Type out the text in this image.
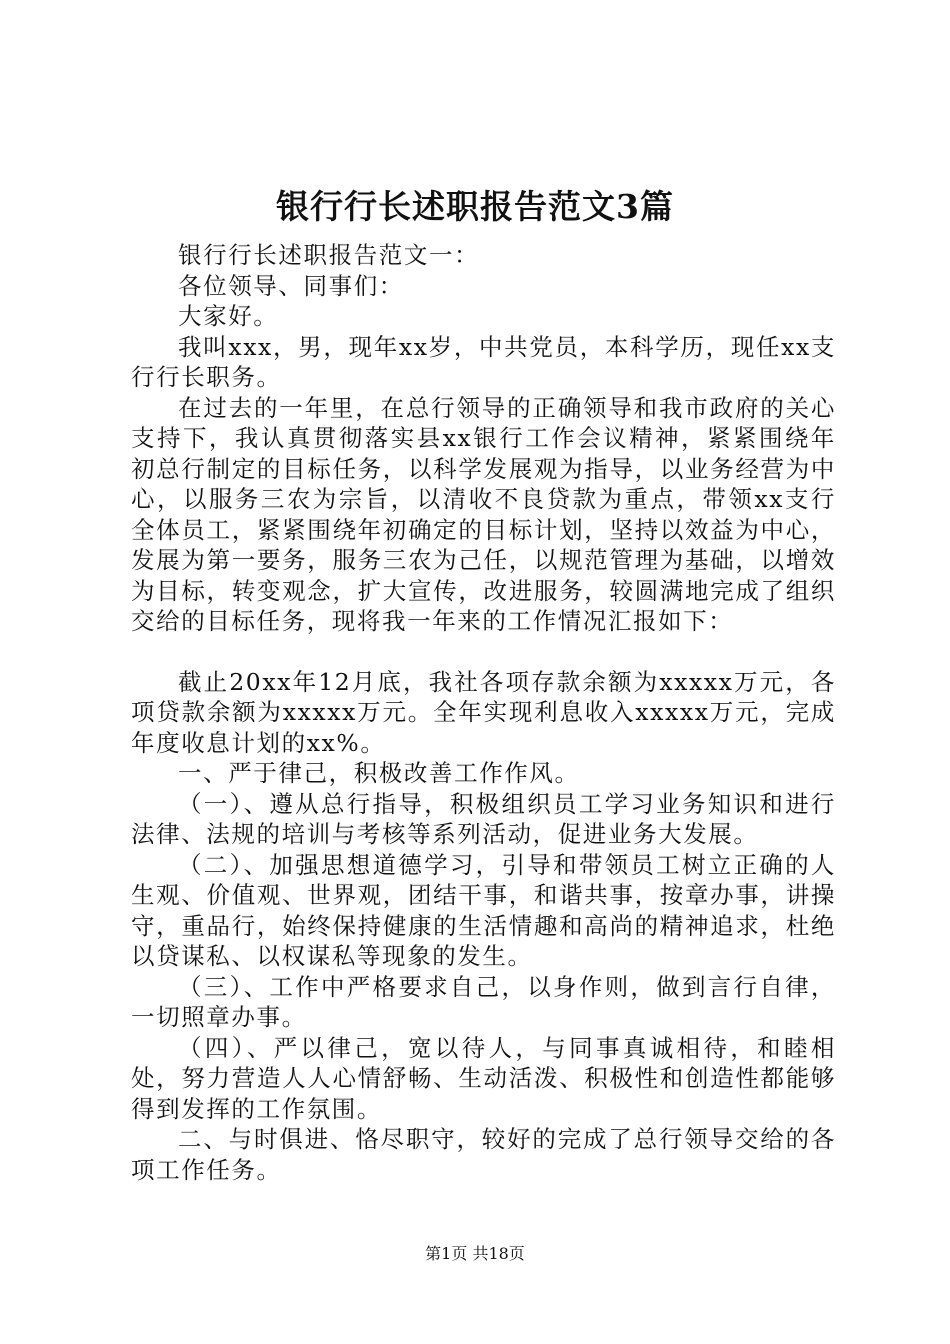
银行行长述职报告范文3篇

银行行长述职报告范文一：

各位领导、同事们：

大家好。

我叫xxx，男，现年xx岁，中共党员，本科学历，现任xx支行行长职务。

在过去的一年里，在总行领导的正确领导和我市政府的关心支持下，我认真贯彻落实县xx银行工作会议精神，紧紧围绕年初总行制定的目标任务，以科学发展观为指导，以业务经营为中心，以服务三农为宗旨，以清收不良贷款为重点，带领xx支行全体员工，紧紧围绕年初确定的目标计划，坚持以效益为中心，发展为第一要务，服务三农为己任，以规范管理为基础，以增效为目标，转变观念，扩大宣传，改进服务，较圆满地完成了组织交给的目标任务，现将我一年来的工作情况汇报如下：

截止20xx年12月底，我社各项存款余额为xxxxx万元，各项贷款余额为xxxxx万元。全年实现利息收入xxxxx万元，完成年度收息计划的xx%。

一、严于律己，积极改善工作作风。

（一）、遵从总行指导，积极组织员工学习业务知识和进行法律、法规的培训与考核等系列活动，促进业务大发展。

（二）、加强思想道德学习，引导和带领员工树立正确的人生观、价值观、世界观，团结干事，和谐共事，按章办事，讲操守，重品行，始终保持健康的生活情趣和高尚的精神追求，杜绝以贷谋私、以权谋私等现象的发生。

（三）、工作中严格要求自己，以身作则，做到言行自律，一切照章办事。

（四）、严以律己，宽以待人，与同事真诚相待，和睦相处，努力营造人人心情舒畅、生动活泼、积极性和创造性都能够得到发挥的工作氛围。

二、与时俱进、恪尽职守，较好的完成了总行领导交给的各项工作任务。

第1页 共18页
